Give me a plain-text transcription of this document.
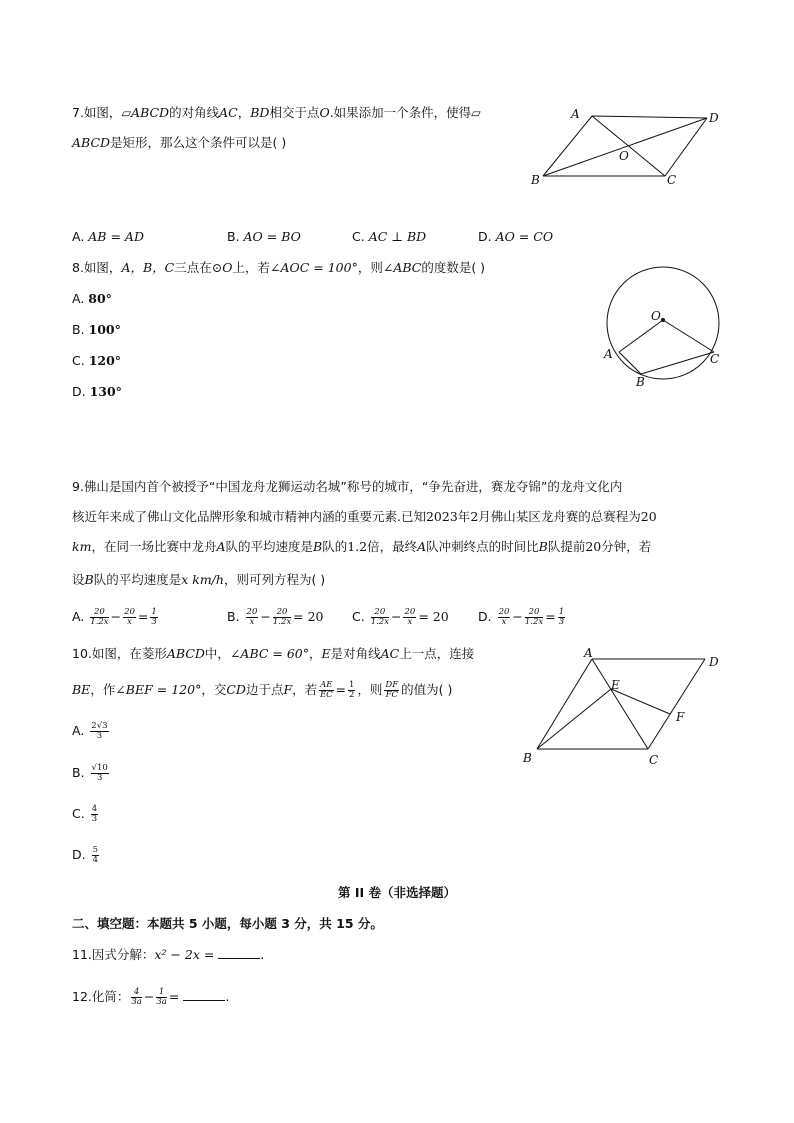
7.如图，▱ABCD的对角线AC，BD相交于点O.如果添加一个条件，使得▱
ABCD是矩形，那么这个条件可以是( )
A	D
O
B	C
A. AB = AD	B. AO = BO	C. AC ⊥ BD	D. AO = CO
8.如图，A，B，C三点在⊙O上，若∠AOC = 100°，则∠ABC的度数是( )
A. 80°
B. 100°
C. 120°
D. 130°
O
A
B
C
9.佛山是国内首个被授予“中国龙舟龙狮运动名城”称号的城市，“争先奋进，赛龙夺锦”的龙舟文化内
核近年来成了佛山文化品牌形象和城市精神内涵的重要元素.已知2023年2月佛山某区龙舟赛的总赛程为20
km，在同一场比赛中龙舟A队的平均速度是B队的1.2倍，最终A队冲刺终点的时间比B队提前20分钟，若
设B队的平均速度是x km/h，则可列方程为( )
A. $\frac{20}{1.2x} - \frac{20}{x} = \frac{1}{3}$	B. $\frac{20}{x} - \frac{20}{1.2x} = 20$ C. $\frac{20}{1.2x} - \frac{20}{x} = 20$ D. $\frac{20}{x} - \frac{20}{1.2x} = \frac{1}{3}$
10.如图，在菱形ABCD中，∠ABC = 60°，E是对角线AC上一点，连接
BE，作∠BEF = 120°，交CD边于点F，若 $\frac{AE}{EC} = \frac{1}{2}$ ，则 $\frac{DF}{FC}$ 的值为( )
A. $\frac{2√3}{3}$
B. $\frac{√10}{3}$
C. $\frac{4}{3}$
D. $\frac{5}{4}$
A
D
E
F
B	C
第 II 卷（非选择题）
二、填空题：本题共 5 小题，每小题 3 分，共 15 分。
11.因式分解：x² − 2x =	.
12.化简： $\frac{4}{3a} - \frac{1}{3a}$ =	.
